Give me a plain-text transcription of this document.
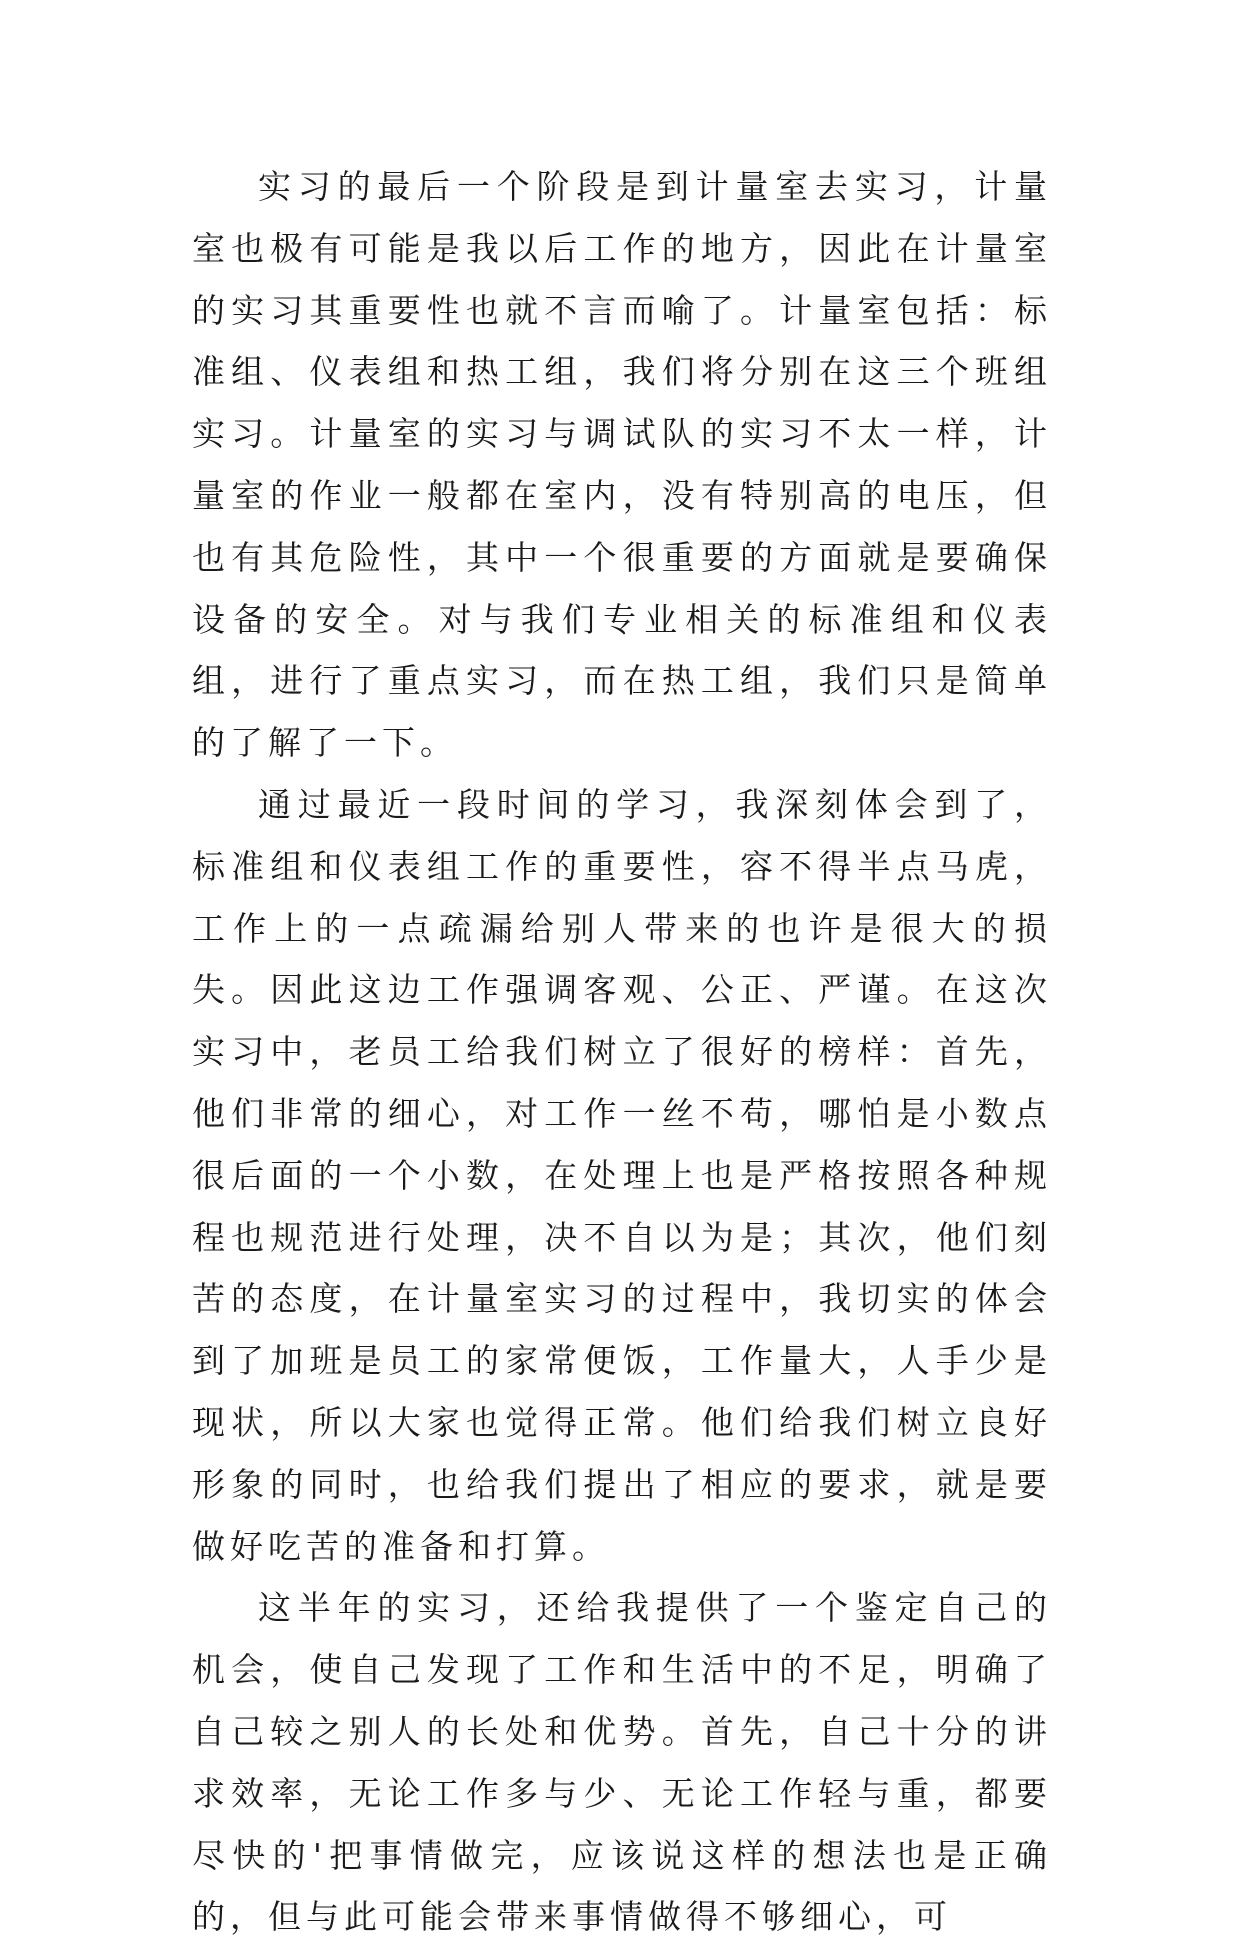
实习的最后一个阶段是到计量室去实习，计量室也极有可能是我以后工作的地方，因此在计量室的实习其重要性也就不言而喻了。计量室包括：标准组、仪表组和热工组，我们将分别在这三个班组实习。计量室的实习与调试队的实习不太一样，计量室的作业一般都在室内，没有特别高的电压，但也有其危险性，其中一个很重要的方面就是要确保设备的安全。对与我们专业相关的标准组和仪表组，进行了重点实习，而在热工组，我们只是简单的了解了一下。

通过最近一段时间的学习，我深刻体会到了，标准组和仪表组工作的重要性，容不得半点马虎，工作上的一点疏漏给别人带来的也许是很大的损失。因此这边工作强调客观、公正、严谨。在这次实习中，老员工给我们树立了很好的榜样：首先，他们非常的细心，对工作一丝不苟，哪怕是小数点很后面的一个小数，在处理上也是严格按照各种规程也规范进行处理，决不自以为是；其次，他们刻苦的态度，在计量室实习的过程中，我切实的体会到了加班是员工的家常便饭，工作量大，人手少是现状，所以大家也觉得正常。他们给我们树立良好形象的同时，也给我们提出了相应的要求，就是要做好吃苦的准备和打算。

这半年的实习，还给我提供了一个鉴定自己的机会，使自己发现了工作和生活中的不足，明确了自己较之别人的长处和优势。首先，自己十分的讲求效率，无论工作多与少、无论工作轻与重，都要尽快的'把事情做完，应该说这样的想法也是正确的，但与此可能会带来事情做得不够细心，可
